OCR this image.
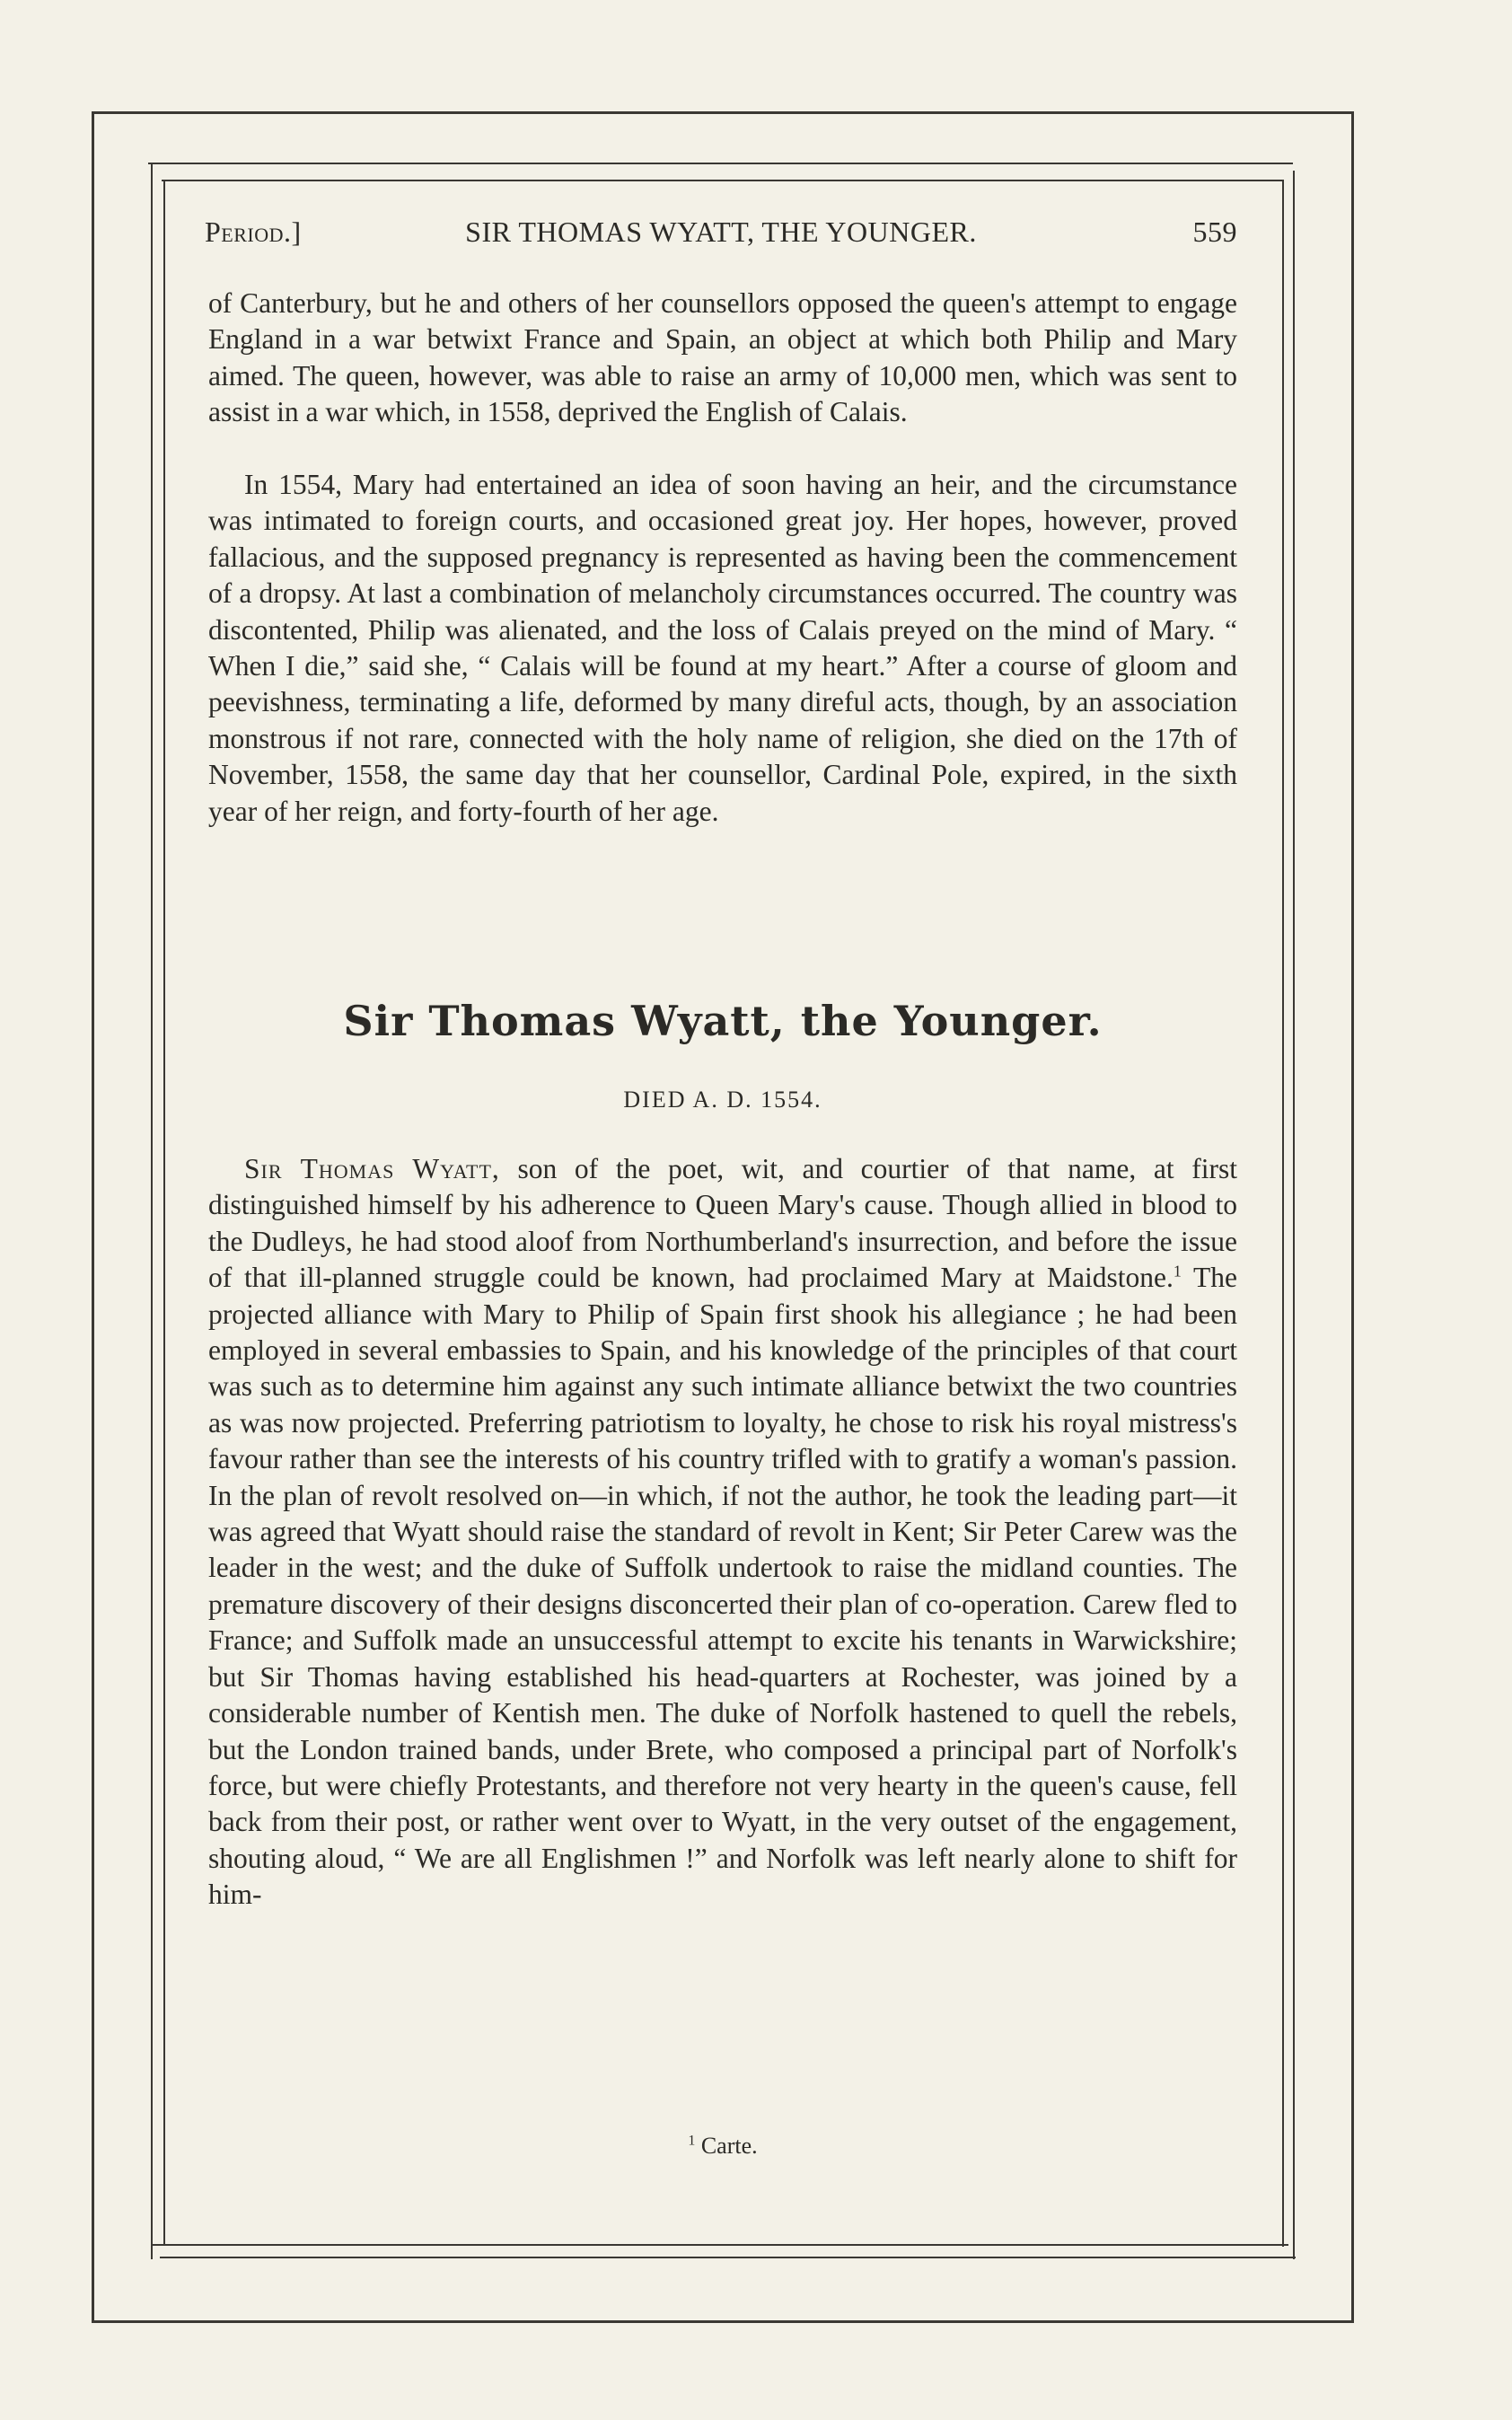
Period.]	SIR THOMAS WYATT, THE YOUNGER.	559

of Canterbury, but he and others of her counsellors opposed the queen's attempt to engage England in a war betwixt France and Spain, an object at which both Philip and Mary aimed. The queen, however, was able to raise an army of 10,000 men, which was sent to assist in a war which, in 1558, deprived the English of Calais.

In 1554, Mary had entertained an idea of soon having an heir, and the circumstance was intimated to foreign courts, and occasioned great joy. Her hopes, however, proved fallacious, and the supposed pregnancy is represented as having been the commencement of a dropsy. At last a combination of melancholy circumstances occurred. The country was discontented, Philip was alienated, and the loss of Calais preyed on the mind of Mary. “ When I die,” said she, “ Calais will be found at my heart.” After a course of gloom and peevishness, terminating a life, deformed by many direful acts, though, by an association monstrous if not rare, connected with the holy name of religion, she died on the 17th of November, 1558, the same day that her counsellor, Cardinal Pole, expired, in the sixth year of her reign, and forty-fourth of her age.

Sir Thomas Wyatt, the Younger.
DIED A. D. 1554.

Sir Thomas Wyatt, son of the poet, wit, and courtier of that name, at first distinguished himself by his adherence to Queen Mary's cause. Though allied in blood to the Dudleys, he had stood aloof from Northumberland's insurrection, and before the issue of that ill-planned struggle could be known, had proclaimed Mary at Maidstone.$^1$ The projected alliance with Mary to Philip of Spain first shook his allegiance ; he had been employed in several embassies to Spain, and his knowledge of the principles of that court was such as to determine him against any such intimate alliance betwixt the two countries as was now projected. Preferring patriotism to loyalty, he chose to risk his royal mistress's favour rather than see the interests of his country trifled with to gratify a woman's passion. In the plan of revolt resolved on—in which, if not the author, he took the leading part—it was agreed that Wyatt should raise the standard of revolt in Kent; Sir Peter Carew was the leader in the west; and the duke of Suffolk undertook to raise the midland counties. The premature discovery of their designs disconcerted their plan of co-operation. Carew fled to France; and Suffolk made an unsuccessful attempt to excite his tenants in Warwickshire; but Sir Thomas having established his head-quarters at Rochester, was joined by a considerable number of Kentish men. The duke of Norfolk hastened to quell the rebels, but the London trained bands, under Brete, who composed a principal part of Norfolk's force, but were chiefly Protestants, and therefore not very hearty in the queen's cause, fell back from their post, or rather went over to Wyatt, in the very outset of the engagement, shouting aloud, “ We are all Englishmen !” and Norfolk was left nearly alone to shift for him-

$^1$ Carte.
